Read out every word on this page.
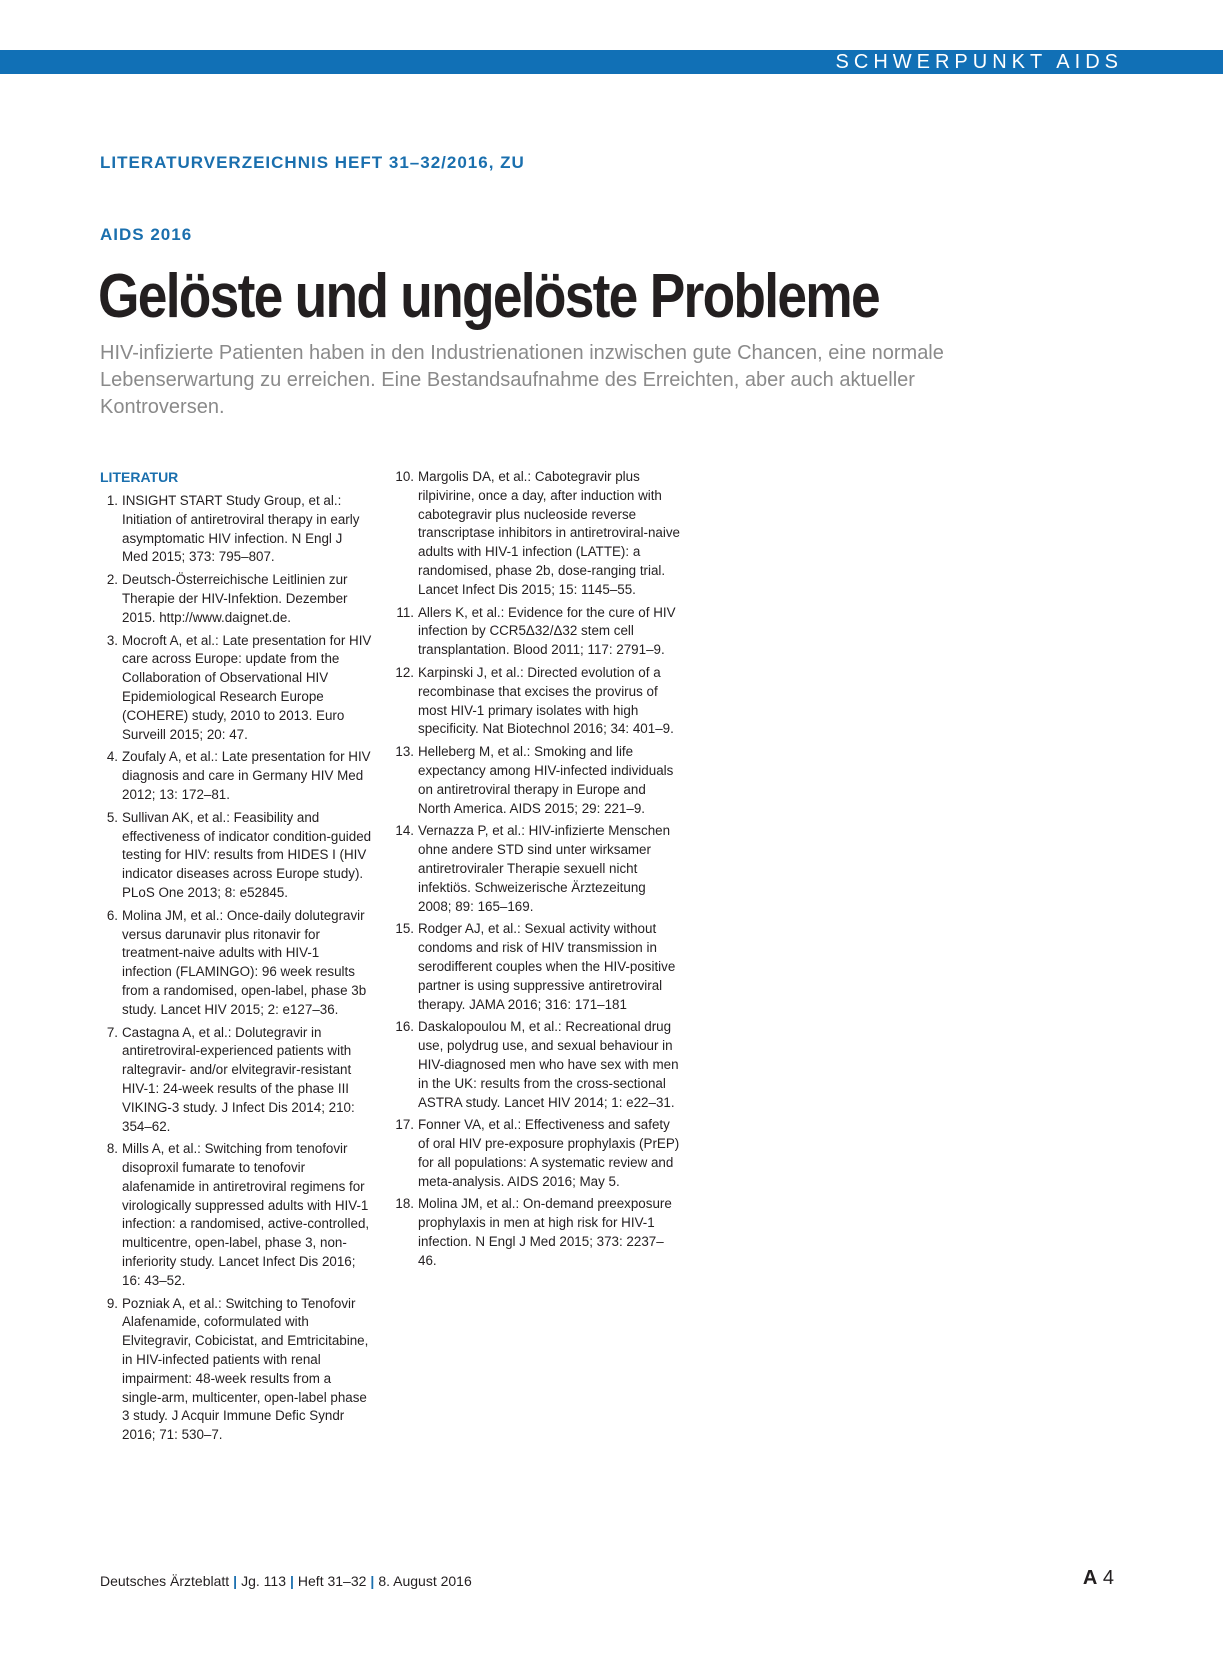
SCHWERPUNKT AIDS
LITERATURVERZEICHNIS HEFT 31–32/2016, ZU
AIDS 2016
Gelöste und ungelöste Probleme
HIV-infizierte Patienten haben in den Industrienationen inzwischen gute Chancen, eine normale Lebenserwartung zu erreichen. Eine Bestandsaufnahme des Erreichten, aber auch aktueller Kontroversen.
LITERATUR
1. INSIGHT START Study Group, et al.: Initiation of antiretroviral therapy in early asymptomatic HIV infection. N Engl J Med 2015; 373: 795–807.
2. Deutsch-Österreichische Leitlinien zur Therapie der HIV-Infektion. Dezember 2015. http://www.daignet.de.
3. Mocroft A, et al.: Late presentation for HIV care across Europe: update from the Collaboration of Observational HIV Epidemiological Research Europe (COHERE) study, 2010 to 2013. Euro Surveill 2015; 20: 47.
4. Zoufaly A, et al.: Late presentation for HIV diagnosis and care in Germany HIV Med 2012; 13: 172–81.
5. Sullivan AK, et al.: Feasibility and effectiveness of indicator condition-guided testing for HIV: results from HIDES I (HIV indicator diseases across Europe study). PLoS One 2013; 8: e52845.
6. Molina JM, et al.: Once-daily dolutegravir versus darunavir plus ritonavir for treatment-naive adults with HIV-1 infection (FLAMINGO): 96 week results from a randomised, open-label, phase 3b study. Lancet HIV 2015; 2: e127–36.
7. Castagna A, et al.: Dolutegravir in antiretroviral-experienced patients with raltegravir- and/or elvitegravir-resistant HIV-1: 24-week results of the phase III VIKING-3 study. J Infect Dis 2014; 210: 354–62.
8. Mills A, et al.: Switching from tenofovir disoproxil fumarate to tenofovir alafenamide in antiretroviral regimens for virologically suppressed adults with HIV-1 infection: a randomised, active-controlled, multicentre, open-label, phase 3, non-inferiority study. Lancet Infect Dis 2016; 16: 43–52.
9. Pozniak A, et al.: Switching to Tenofovir Alafenamide, coformulated with Elvitegravir, Cobicistat, and Emtricitabine, in HIV-infected patients with renal impairment: 48-week results from a single-arm, multicenter, open-label phase 3 study. J Acquir Immune Defic Syndr 2016; 71: 530–7.
10. Margolis DA, et al.: Cabotegravir plus rilpivirine, once a day, after induction with cabotegravir plus nucleoside reverse transcriptase inhibitors in antiretroviral-naive adults with HIV-1 infection (LATTE): a randomised, phase 2b, dose-ranging trial. Lancet Infect Dis 2015; 15: 1145–55.
11. Allers K, et al.: Evidence for the cure of HIV infection by CCR5Δ32/Δ32 stem cell transplantation. Blood 2011; 117: 2791–9.
12. Karpinski J, et al.: Directed evolution of a recombinase that excises the provirus of most HIV-1 primary isolates with high specificity. Nat Biotechnol 2016; 34: 401–9.
13. Helleberg M, et al.: Smoking and life expectancy among HIV-infected individuals on antiretroviral therapy in Europe and North America. AIDS 2015; 29: 221–9.
14. Vernazza P, et al.: HIV-infizierte Menschen ohne andere STD sind unter wirksamer antiretroviraler Therapie sexuell nicht infektiös. Schweizerische Ärztezeitung 2008; 89: 165–169.
15. Rodger AJ, et al.: Sexual activity without condoms and risk of HIV transmission in serodifferent couples when the HIV-positive partner is using suppressive antiretroviral therapy. JAMA 2016; 316: 171–181
16. Daskalopoulou M, et al.: Recreational drug use, polydrug use, and sexual behaviour in HIV-diagnosed men who have sex with men in the UK: results from the cross-sectional ASTRA study. Lancet HIV 2014; 1: e22–31.
17. Fonner VA, et al.: Effectiveness and safety of oral HIV pre-exposure prophylaxis (PrEP) for all populations: A systematic review and meta-analysis. AIDS 2016; May 5.
18. Molina JM, et al.: On-demand preexposure prophylaxis in men at high risk for HIV-1 infection. N Engl J Med 2015; 373: 2237–46.
Deutsches Ärzteblatt | Jg. 113 | Heft 31–32 | 8. August 2016	A 4
